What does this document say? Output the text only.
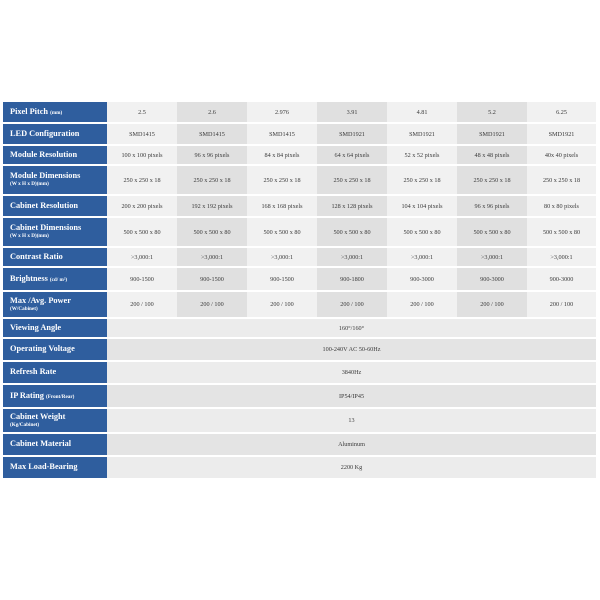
Pixel Pitch (mm)	2.5	2.6	2.976	3.91	4.81	5.2	6.25
LED Configuration	SMD1415	SMD1415	SMD1415	SMD1921	SMD1921	SMD1921	SMD1921
Module Resolution	100 x 100 pixels	96 x 96 pixels	84 x 84 pixels	64 x 64 pixels	52 x 52 pixels	48 x 48 pixels	40x 40 pixels
Module Dimensions
(W x H x D)(mm)	250 x 250 x 18	250 x 250 x 18	250 x 250 x 18	250 x 250 x 18	250 x 250 x 18	250 x 250 x 18	250 x 250 x 18
Cabinet Resolution	200 x 200 pixels	192 x 192 pixels	168 x 168 pixels	128 x 128 pixels	104 x 104 pixels	96 x 96 pixels	80 x 80 pixels
Cabinet Dimensions
(W x H x D)(mm)	500 x 500 x 80	500 x 500 x 80	500 x 500 x 80	500 x 500 x 80	500 x 500 x 80	500 x 500 x 80	500 x 500 x 80
Contrast Ratio	>3,000:1	>3,000:1	>3,000:1	>3,000:1	>3,000:1	>3,000:1	>3,000:1
Brightness (cd/ m²)	900-1500	900-1500	900-1500	900-1800	900-3000	900-3000	900-3000
Max /Avg. Power
(W/Cabinet)	200 / 100	200 / 100	200 / 100	200 / 100	200 / 100	200 / 100	200 / 100
Viewing Angle	160°/160°						
Operating Voltage	100-240V AC 50-60Hz						
Refresh Rate	3840Hz						
IP Rating (Front/Rear)	IP54/IP45						
Cabinet Weight
(Kg/Cabinet)	13						
Cabinet Material	Aluminum						
Max Load-Bearing	2200 Kg						
